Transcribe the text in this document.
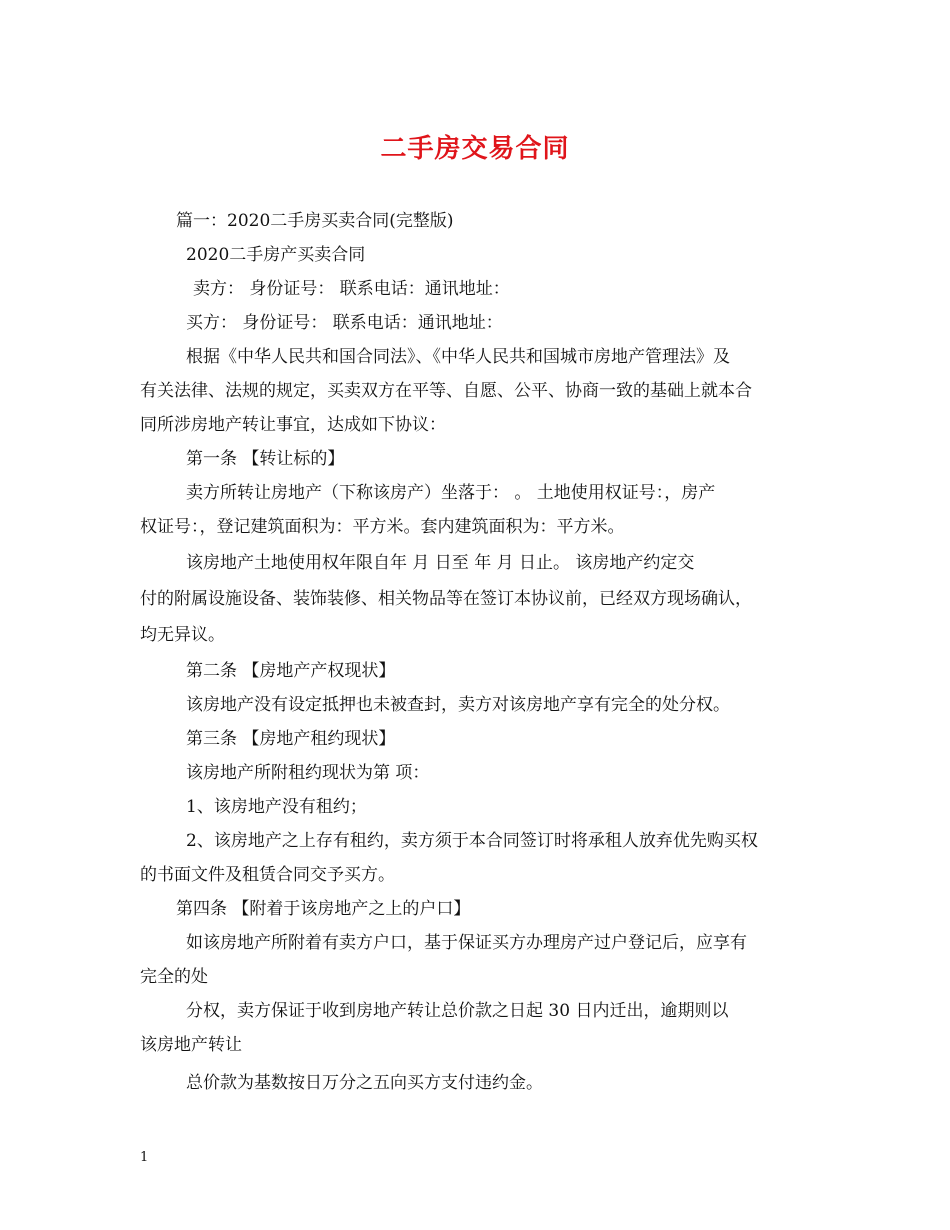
二手房交易合同
篇一：2020二手房买卖合同(完整版)
2020二手房产买卖合同
卖方： 身份证号： 联系电话：通讯地址：
买方： 身份证号： 联系电话：通讯地址：
根据《中华人民共和国合同法》、《中华人民共和国城市房地产管理法》及
有关法律、法规的规定，买卖双方在平等、自愿、公平、协商一致的基础上就本合
同所涉房地产转让事宜，达成如下协议：
第一条 【转让标的】
卖方所转让房地产（下称该房产）坐落于： 。 土地使用权证号：，房产
权证号：，登记建筑面积为：平方米。套内建筑面积为：平方米。
该房地产土地使用权年限自年 月 日至 年 月 日止。 该房地产约定交
付的附属设施设备、装饰装修、相关物品等在签订本协议前，已经双方现场确认，
均无异议。
第二条 【房地产产权现状】
该房地产没有设定抵押也未被查封，卖方对该房地产享有完全的处分权。
第三条 【房地产租约现状】
该房地产所附租约现状为第 项：
1、该房地产没有租约；
2、该房地产之上存有租约，卖方须于本合同签订时将承租人放弃优先购买权
的书面文件及租赁合同交予买方。
第四条 【附着于该房地产之上的户口】
如该房地产所附着有卖方户口，基于保证买方办理房产过户登记后，应享有
完全的处
分权，卖方保证于收到房地产转让总价款之日起 30 日内迁出，逾期则以
该房地产转让
总价款为基数按日万分之五向买方支付违约金。
1
